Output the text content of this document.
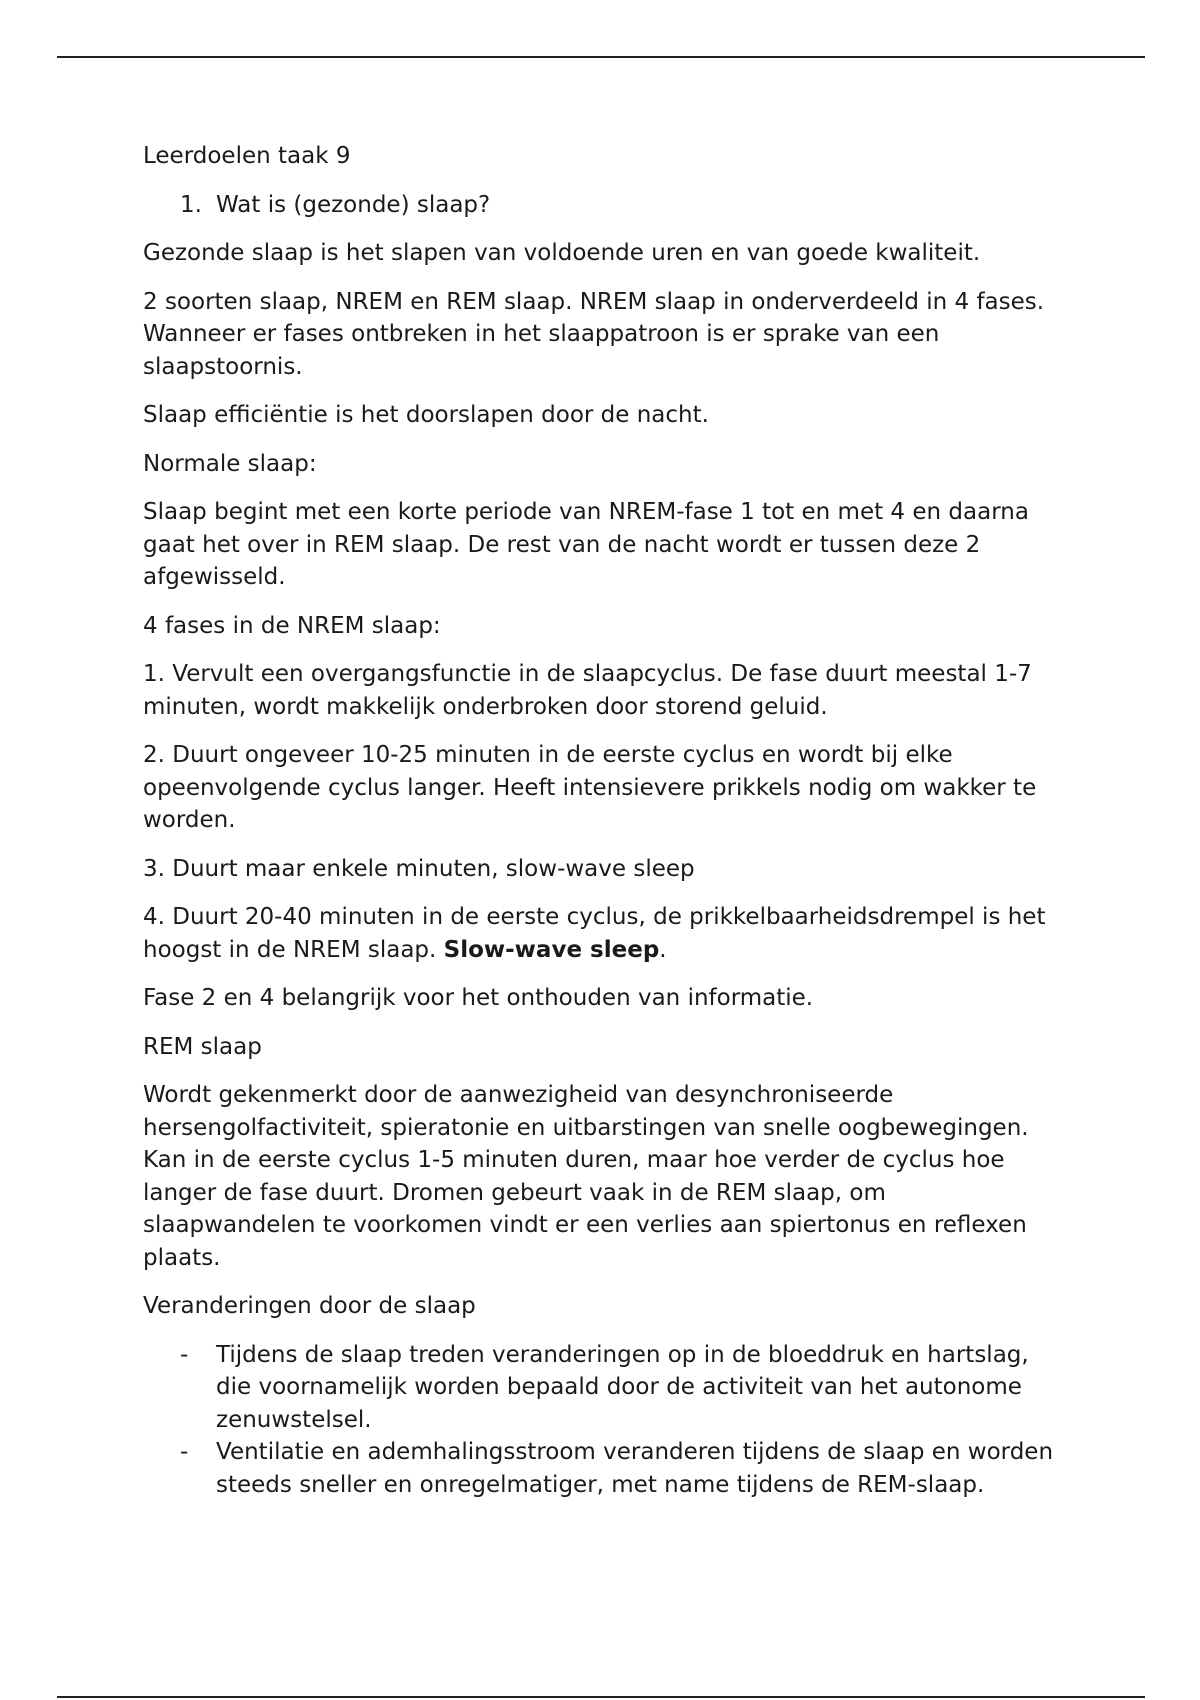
Leerdoelen taak 9

1. Wat is (gezonde) slaap?

Gezonde slaap is het slapen van voldoende uren en van goede kwaliteit.

2 soorten slaap, NREM en REM slaap. NREM slaap in onderverdeeld in 4 fases. Wanneer er fases ontbreken in het slaappatroon is er sprake van een slaapstoornis.

Slaap efficiëntie is het doorslapen door de nacht.

Normale slaap:

Slaap begint met een korte periode van NREM-fase 1 tot en met 4 en daarna gaat het over in REM slaap. De rest van de nacht wordt er tussen deze 2 afgewisseld.

4 fases in de NREM slaap:

1. Vervult een overgangsfunctie in de slaapcyclus. De fase duurt meestal 1-7 minuten, wordt makkelijk onderbroken door storend geluid.

2. Duurt ongeveer 10-25 minuten in de eerste cyclus en wordt bij elke opeenvolgende cyclus langer. Heeft intensievere prikkels nodig om wakker te worden.

3. Duurt maar enkele minuten, slow-wave sleep

4. Duurt 20-40 minuten in de eerste cyclus, de prikkelbaarheidsdrempel is het hoogst in de NREM slaap. Slow-wave sleep.

Fase 2 en 4 belangrijk voor het onthouden van informatie.

REM slaap

Wordt gekenmerkt door de aanwezigheid van desynchroniseerde hersengolfactiviteit, spieratonie en uitbarstingen van snelle oogbewegingen. Kan in de eerste cyclus 1-5 minuten duren, maar hoe verder de cyclus hoe langer de fase duurt. Dromen gebeurt vaak in de REM slaap, om slaapwandelen te voorkomen vindt er een verlies aan spiertonus en reflexen plaats.

Veranderingen door de slaap

- Tijdens de slaap treden veranderingen op in de bloeddruk en hartslag, die voornamelijk worden bepaald door de activiteit van het autonome zenuwstelsel.
- Ventilatie en ademhalingsstroom veranderen tijdens de slaap en worden steeds sneller en onregelmatiger, met name tijdens de REM-slaap.
